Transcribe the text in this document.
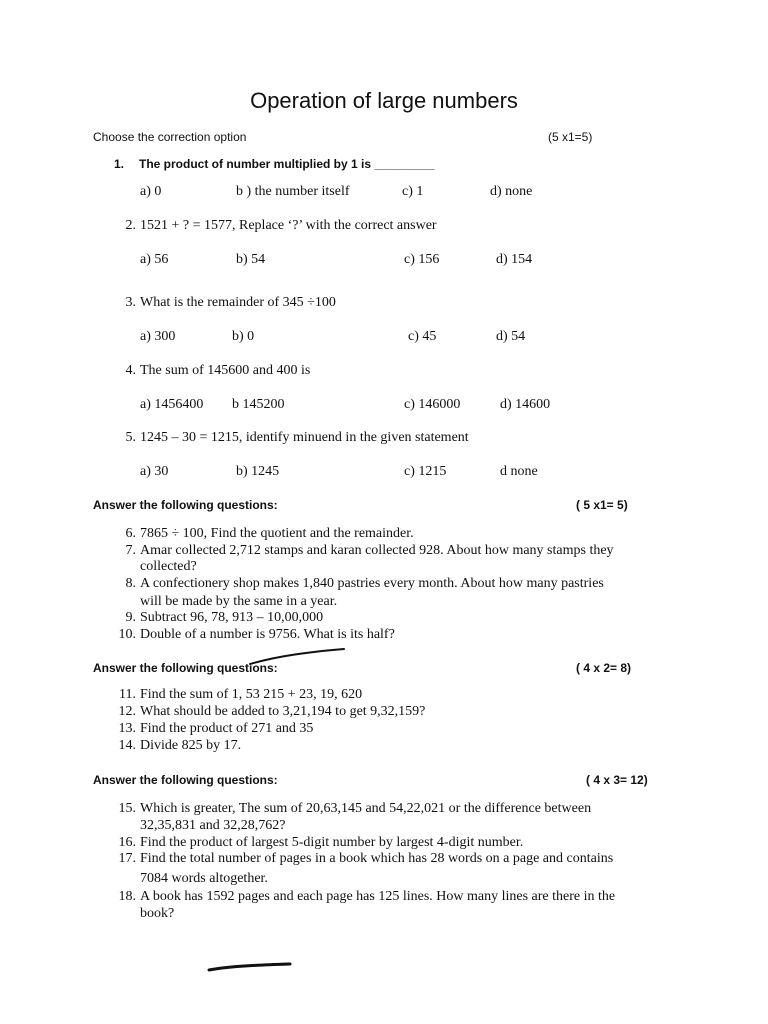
Operation of large numbers
Choose the correction option	(5 x1=5)
1. The product of number multiplied by 1 is _________
a) 0	b ) the number itself	c) 1	d) none
2. 1521 + ? = 1577, Replace ‘?’ with the correct answer
a) 56	b) 54	c) 156	d) 154
3. What is the remainder of 345 ÷100
a) 300	b) 0	c) 45	d) 54
4. The sum of 145600 and 400 is
a) 1456400 b 145200	c) 146000	d) 14600
5. 1245 – 30 = 1215, identify minuend in the given statement
a) 30	b) 1245	c) 1215	d none
Answer the following questions:	( 5 x1= 5)
6. 7865 ÷ 100, Find the quotient and the remainder.
7. Amar collected 2,712 stamps and karan collected 928. About how many stamps they
collected?
8. A confectionery shop makes 1,840 pastries every month. About how many pastries
will be made by the same in a year.
9. Subtract 96, 78, 913 – 10,00,000
10. Double of a number is 9756. What is its half?
Answer the following questions:	( 4 x 2= 8)
11. Find the sum of 1, 53 215 + 23, 19, 620
12. What should be added to 3,21,194 to get 9,32,159?
13. Find the product of 271 and 35
14. Divide 825 by 17.
Answer the following questions:	( 4 x 3= 12)
15. Which is greater, The sum of 20,63,145 and 54,22,021 or the difference between
32,35,831 and 32,28,762?
16. Find the product of largest 5-digit number by largest 4-digit number.
17. Find the total number of pages in a book which has 28 words on a page and contains
7084 words altogether.
18. A book has 1592 pages and each page has 125 lines. How many lines are there in the
book?
